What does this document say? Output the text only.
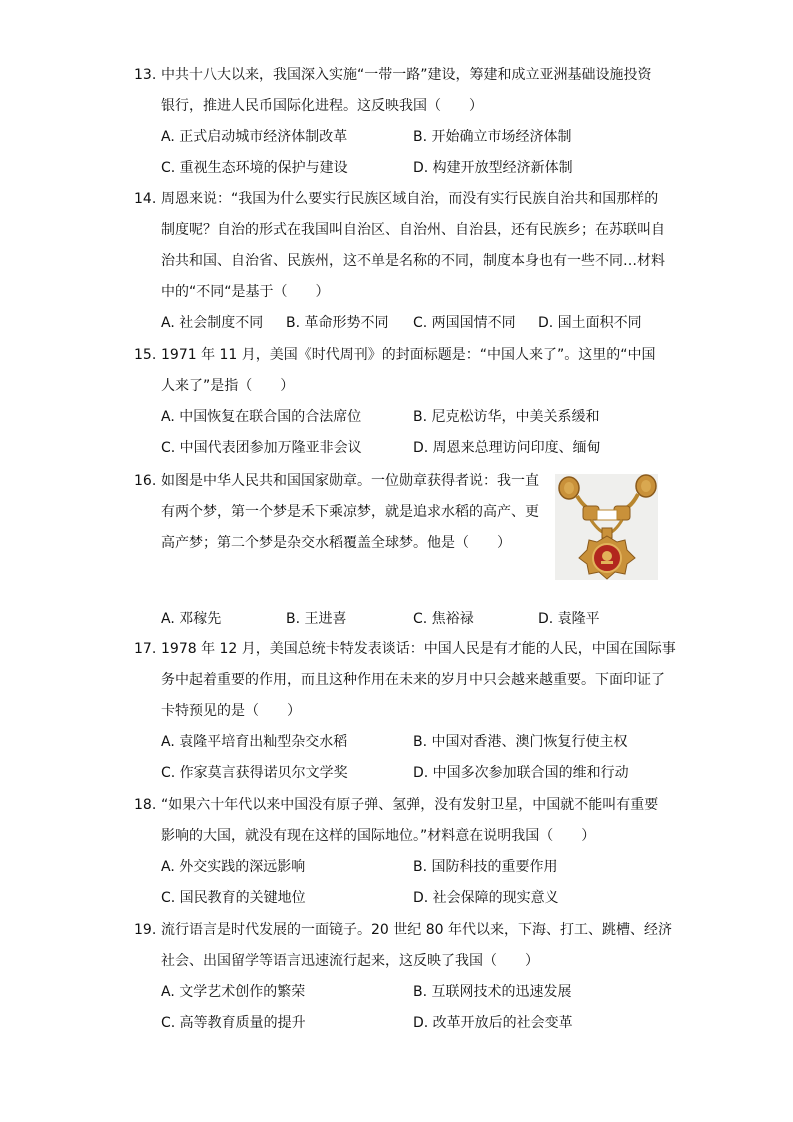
13. 中共十八大以来，我国深入实施“一带一路”建设，筹建和成立亚洲基础设施投资
银行，推进人民币国际化进程。这反映我国（　　）
A. 正式启动城市经济体制改革	B. 开始确立市场经济体制
C. 重视生态环境的保护与建设	D. 构建开放型经济新体制
14. 周恩来说：“我国为什么要实行民族区域自治，而没有实行民族自治共和国那样的
制度呢？自治的形式在我国叫自治区、自治州、自治县，还有民族乡；在苏联叫自
治共和国、自治省、民族州，这不单是名称的不同，制度本身也有一些不同…材料
中的“不同“是基于（　　）
A. 社会制度不同 B. 革命形势不同 C. 两国国情不同 D. 国土面积不同
15. 1971 年 11 月，美国《时代周刊》的封面标题是：“中国人来了”。这里的“中国
人来了”是指（　　）
A. 中国恢复在联合国的合法席位	B. 尼克松访华，中美关系缓和
C. 中国代表团参加万隆亚非会议	D. 周恩来总理访问印度、缅甸
16. 如图是中华人民共和国国家勋章。一位勋章获得者说：我一直
有两个梦，第一个梦是禾下乘凉梦，就是追求水稻的高产、更
高产梦；第二个梦是杂交水稻覆盖全球梦。他是（　　）
A. 邓稼先	B. 王进喜	C. 焦裕禄	D. 袁隆平
17. 1978 年 12 月，美国总统卡特发表谈话：中国人民是有才能的人民，中国在国际事
务中起着重要的作用，而且这种作用在未来的岁月中只会越来越重要。下面印证了
卡特预见的是（　　）
A. 袁隆平培育出籼型杂交水稻	B. 中国对香港、澳门恢复行使主权
C. 作家莫言获得诺贝尔文学奖	D. 中国多次参加联合国的维和行动
18. “如果六十年代以来中国没有原子弹、氢弹，没有发射卫星，中国就不能叫有重要
影响的大国，就没有现在这样的国际地位。”材料意在说明我国（　　）
A. 外交实践的深远影响	B. 国防科技的重要作用
C. 国民教育的关键地位	D. 社会保障的现实意义
19. 流行语言是时代发展的一面镜子。20 世纪 80 年代以来，下海、打工、跳槽、经济
社会、出国留学等语言迅速流行起来，这反映了我国（　　）
A. 文学艺术创作的繁荣	B. 互联网技术的迅速发展
C. 高等教育质量的提升	D. 改革开放后的社会变革
